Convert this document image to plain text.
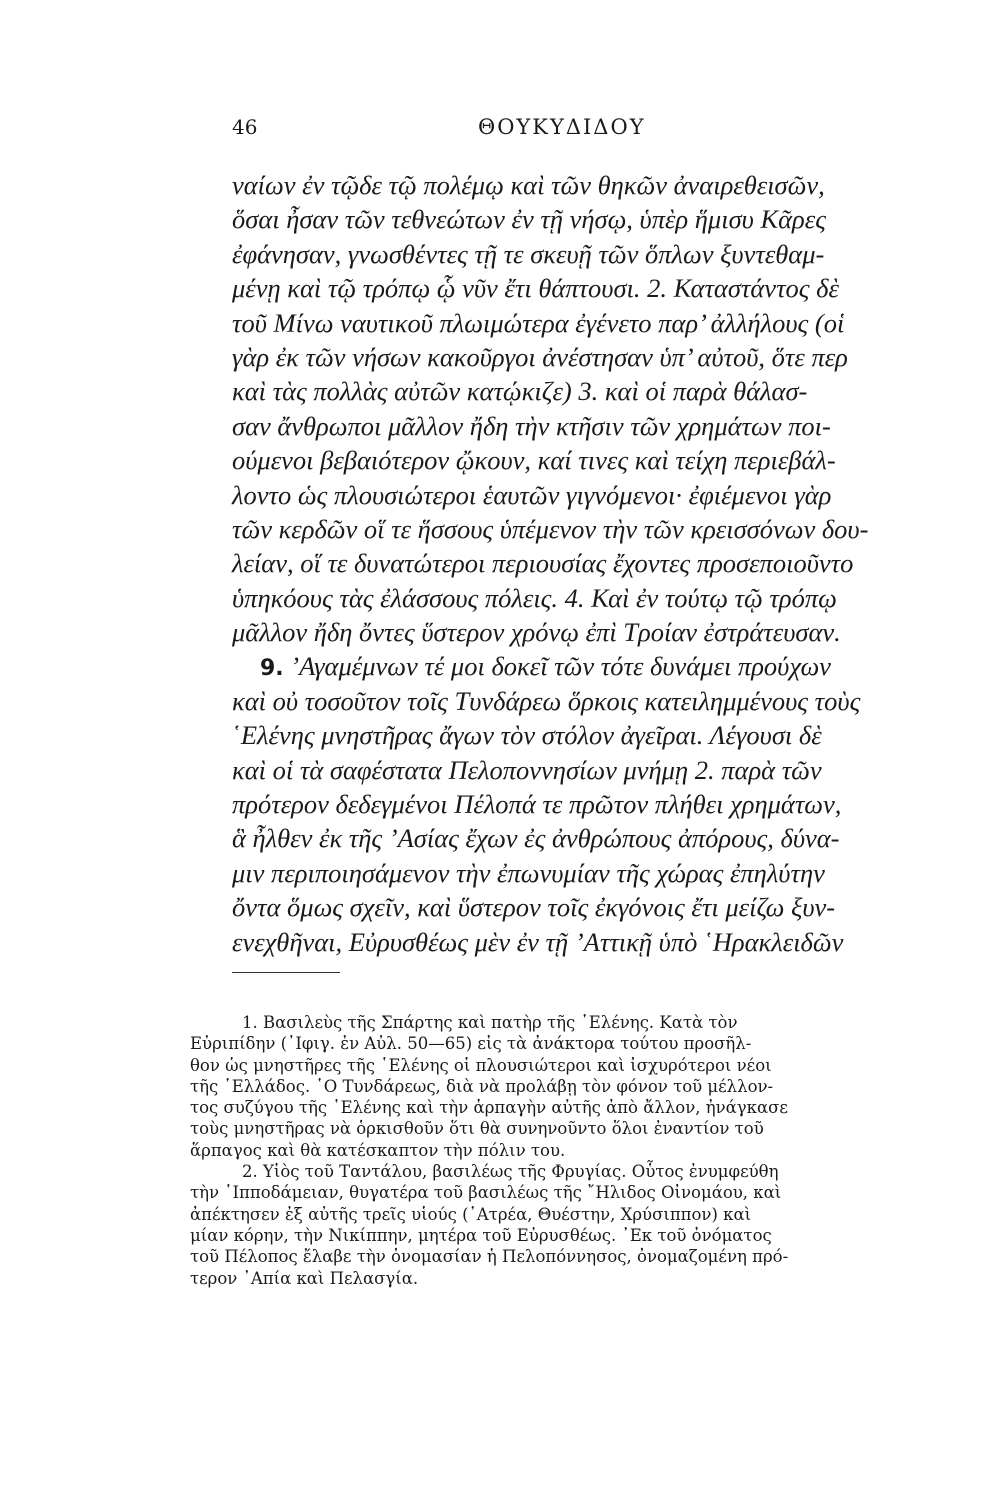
46	ΘΟΥΚΥΔΙΔΟΥ
ναίων ἐν τῷδε τῷ πολέμῳ καὶ τῶν θηκῶν ἀναιρεθεισῶν,
ὅσαι ἦσαν τῶν τεθνεώτων ἐν τῇ νήσῳ, ὑπὲρ ἥμισυ Κᾶρες
ἐφάνησαν, γνωσθέντες τῇ τε σκευῇ τῶν ὅπλων ξυντεθαμ-
μένῃ καὶ τῷ τρόπῳ ᾧ νῦν ἔτι θάπτουσι. 2. Καταστάντος δὲ
τοῦ Μίνω ναυτικοῦ πλωιμώτερα ἐγένετο παρ’ ἀλλήλους (οἱ
γὰρ ἐκ τῶν νήσων κακοῦργοι ἀνέστησαν ὑπ’ αὐτοῦ, ὅτε περ
καὶ τὰς πολλὰς αὐτῶν κατῴκιζε) 3. καὶ οἱ παρὰ θάλασ-
σαν ἄνθρωποι μᾶλλον ἤδη τὴν κτῆσιν τῶν χρημάτων ποι-
ούμενοι βεβαιότερον ᾤκουν, καί τινες καὶ τείχη περιεβάλ-
λοντο ὡς πλουσιώτεροι ἑαυτῶν γιγνόμενοι· ἐφιέμενοι γὰρ
τῶν κερδῶν οἵ τε ἥσσους ὑπέμενον τὴν τῶν κρεισσόνων δου-
λείαν, οἵ τε δυνατώτεροι περιουσίας ἔχοντες προσεποιοῦντο
ὑπηκόους τὰς ἐλάσσους πόλεις. 4. Καὶ ἐν τούτῳ τῷ τρόπῳ
μᾶλλον ἤδη ὄντες ὕστερον χρόνῳ ἐπὶ Τροίαν ἐστράτευσαν.
9. ’Αγαμέμνων τέ μοι δοκεῖ τῶν τότε δυνάμει προύχων
καὶ οὐ τοσοῦτον τοῖς Τυνδάρεω ὅρκοις κατειλημμένους τοὺς
῾Ελένης μνηστῆρας ἄγων τὸν στόλον ἀγεῖραι. Λέγουσι δὲ
καὶ οἱ τὰ σαφέστατα Πελοποννησίων μνήμῃ 2. παρὰ τῶν
πρότερον δεδεγμένοι Πέλοπά τε πρῶτον πλήθει χρημάτων,
ἃ ἦλθεν ἐκ τῆς ’Ασίας ἔχων ἐς ἀνθρώπους ἀπόρους, δύνα-
μιν περιποιησάμενον τὴν ἐπωνυμίαν τῆς χώρας ἐπηλύτην
ὄντα ὅμως σχεῖν, καὶ ὕστερον τοῖς ἐκγόνοις ἔτι μείζω ξυν-
ενεχθῆναι, Εὐρυσθέως μὲν ἐν τῇ ’Αττικῇ ὑπὸ ῾Ηρακλειδῶν
1. Βασιλεὺς τῆς Σπάρτης καὶ πατὴρ τῆς ῾Ελένης. Κατὰ τὸν
Εὐριπίδην (᾿Ιφιγ. ἐν Αὐλ. 50—65) εἰς τὰ ἀνάκτορα τούτου προσῆλ-
θον ὡς μνηστῆρες τῆς ῾Ελένης οἱ πλουσιώτεροι καὶ ἰσχυρότεροι νέοι
τῆς ῾Ελλάδος. ῾Ο Τυνδάρεως, διὰ νὰ προλάβῃ τὸν φόνον τοῦ μέλλον-
τος συζύγου τῆς ῾Ελένης καὶ τὴν ἁρπαγὴν αὐτῆς ἀπὸ ἄλλον, ἠνάγκασε
τοὺς μνηστῆρας νὰ ὁρκισθοῦν ὅτι θὰ συνηνοῦντο ὅλοι ἐναντίον τοῦ
ἅρπαγος καὶ θὰ κατέσκαπτον τὴν πόλιν του.
2. Υἱὸς τοῦ Ταντάλου, βασιλέως τῆς Φρυγίας. Οὗτος ἐνυμφεύθη
τὴν ῾Ιπποδάμειαν, θυγατέρα τοῦ βασιλέως τῆς ῎Ηλιδος Οἰνομάου, καὶ
ἀπέκτησεν ἐξ αὐτῆς τρεῖς υἱούς (᾿Ατρέα, Θυέστην, Χρύσιππον) καὶ
μίαν κόρην, τὴν Νικίππην, μητέρα τοῦ Εὐρυσθέως. ᾿Εκ τοῦ ὀνόματος
τοῦ Πέλοπος ἔλαβε τὴν ὀνομασίαν ἡ Πελοπόννησος, ὀνομαζομένη πρό-
τερον ᾿Απία καὶ Πελασγία.
